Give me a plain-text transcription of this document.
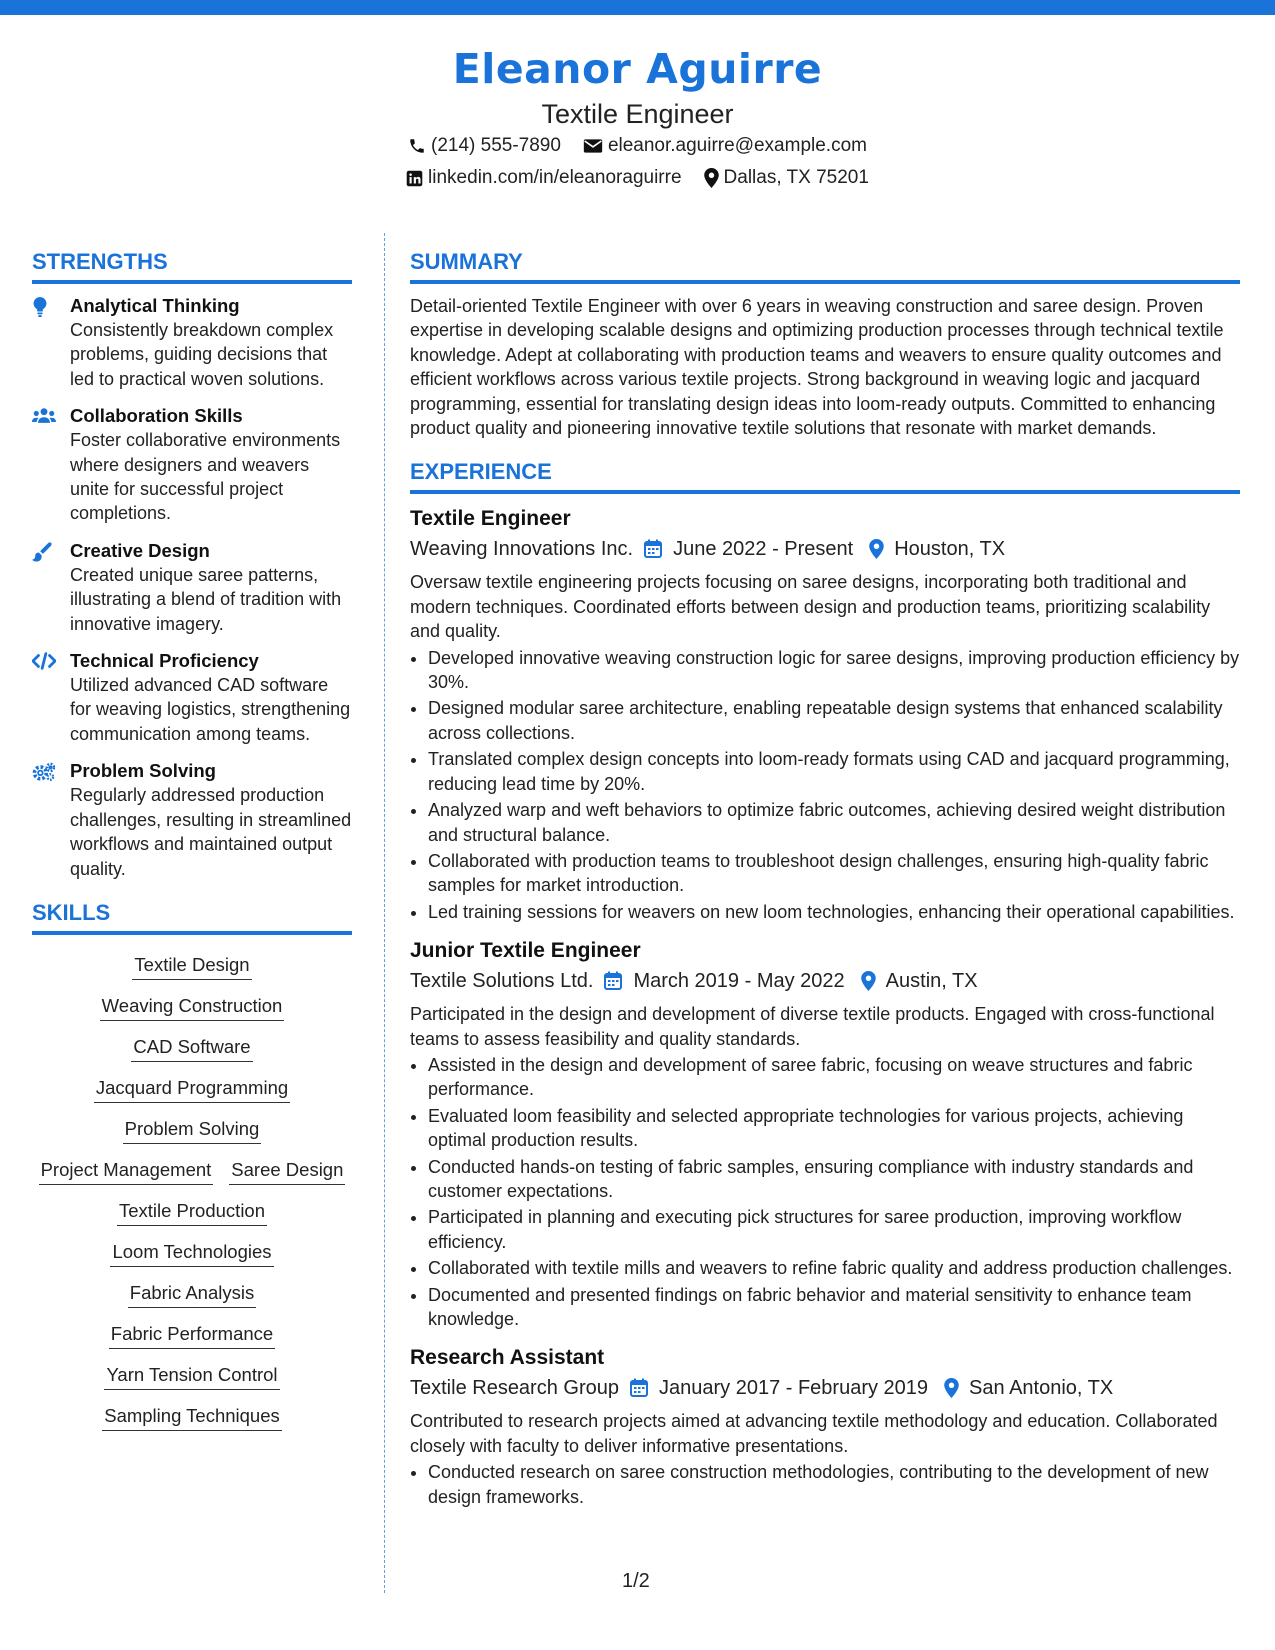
Eleanor Aguirre
Textile Engineer
(214) 555-7890 eleanor.aguirre@example.com
linkedin.com/in/eleanoraguirre Dallas, TX 75201
STRENGTHS
Analytical Thinking
Consistently breakdown complex problems, guiding decisions that led to practical woven solutions.
Collaboration Skills
Foster collaborative environments where designers and weavers unite for successful project completions.
Creative Design
Created unique saree patterns, illustrating a blend of tradition with innovative imagery.
Technical Proficiency
Utilized advanced CAD software for weaving logistics, strengthening communication among teams.
Problem Solving
Regularly addressed production challenges, resulting in streamlined workflows and maintained output quality.
SKILLS
Textile Design
Weaving Construction
CAD Software
Jacquard Programming
Problem Solving
Project Management Saree Design
Textile Production
Loom Technologies
Fabric Analysis
Fabric Performance
Yarn Tension Control
Sampling Techniques
SUMMARY
Detail-oriented Textile Engineer with over 6 years in weaving construction and saree design. Proven expertise in developing scalable designs and optimizing production processes through technical textile knowledge. Adept at collaborating with production teams and weavers to ensure quality outcomes and efficient workflows across various textile projects. Strong background in weaving logic and jacquard programming, essential for translating design ideas into loom-ready outputs. Committed to enhancing product quality and pioneering innovative textile solutions that resonate with market demands.
EXPERIENCE
Textile Engineer
Weaving Innovations Inc. June 2022 - Present Houston, TX
Oversaw textile engineering projects focusing on saree designs, incorporating both traditional and modern techniques. Coordinated efforts between design and production teams, prioritizing scalability and quality.
• Developed innovative weaving construction logic for saree designs, improving production efficiency by 30%.
• Designed modular saree architecture, enabling repeatable design systems that enhanced scalability across collections.
• Translated complex design concepts into loom-ready formats using CAD and jacquard programming, reducing lead time by 20%.
• Analyzed warp and weft behaviors to optimize fabric outcomes, achieving desired weight distribution and structural balance.
• Collaborated with production teams to troubleshoot design challenges, ensuring high-quality fabric samples for market introduction.
• Led training sessions for weavers on new loom technologies, enhancing their operational capabilities.
Junior Textile Engineer
Textile Solutions Ltd. March 2019 - May 2022 Austin, TX
Participated in the design and development of diverse textile products. Engaged with cross-functional teams to assess feasibility and quality standards.
• Assisted in the design and development of saree fabric, focusing on weave structures and fabric performance.
• Evaluated loom feasibility and selected appropriate technologies for various projects, achieving optimal production results.
• Conducted hands-on testing of fabric samples, ensuring compliance with industry standards and customer expectations.
• Participated in planning and executing pick structures for saree production, improving workflow efficiency.
• Collaborated with textile mills and weavers to refine fabric quality and address production challenges.
• Documented and presented findings on fabric behavior and material sensitivity to enhance team knowledge.
Research Assistant
Textile Research Group January 2017 - February 2019 San Antonio, TX
Contributed to research projects aimed at advancing textile methodology and education. Collaborated closely with faculty to deliver informative presentations.
• Conducted research on saree construction methodologies, contributing to the development of new design frameworks.
1/2
